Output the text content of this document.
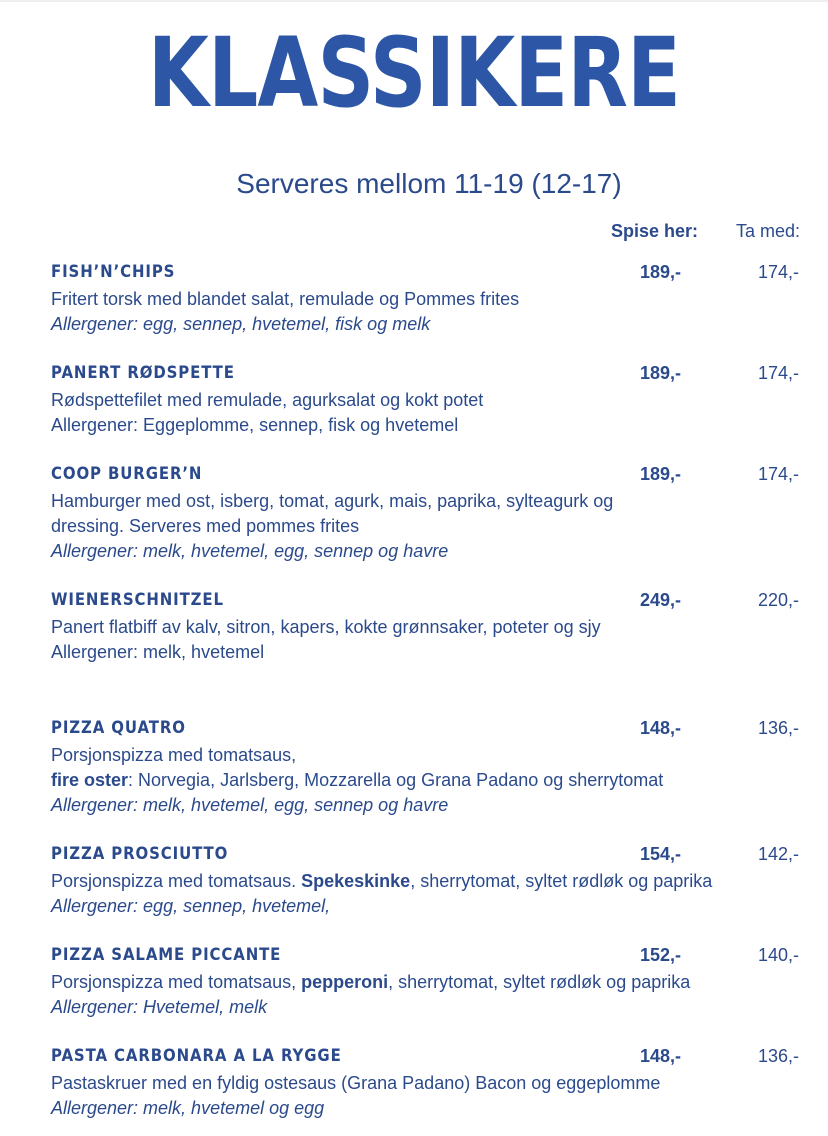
KLASSIKERE
Serveres mellom 11-19 (12-17)
Spise her: Ta med:
FISH’N’CHIPS	189,-	174,-
Fritert torsk med blandet salat, remulade og Pommes frites
Allergener: egg, sennep, hvetemel, fisk og melk
PANERT RØDSPETTE	189,-	174,-
Rødspettefilet med remulade, agurksalat og kokt potet
Allergener: Eggeplomme, sennep, fisk og hvetemel
COOP BURGER’N	189,-	174,-
Hamburger med ost, isberg, tomat, agurk, mais, paprika, sylteagurk og
dressing. Serveres med pommes frites
Allergener: melk, hvetemel, egg, sennep og havre
WIENERSCHNITZEL	249,-	220,-
Panert flatbiff av kalv, sitron, kapers, kokte grønnsaker, poteter og sjy
Allergener: melk, hvetemel
PIZZA QUATRO	148,-	136,-
Porsjonspizza med tomatsaus,
fire oster: Norvegia, Jarlsberg, Mozzarella og Grana Padano og sherrytomat
Allergener: melk, hvetemel, egg, sennep og havre
PIZZA PROSCIUTTO	154,-	142,-
Porsjonspizza med tomatsaus. Spekeskinke, sherrytomat, syltet rødløk og paprika
Allergener: egg, sennep, hvetemel,
PIZZA SALAME PICCANTE	152,-	140,-
Porsjonspizza med tomatsaus, pepperoni, sherrytomat, syltet rødløk og paprika
Allergener: Hvetemel, melk
PASTA CARBONARA A LA RYGGE	148,-	136,-
Pastaskruer med en fyldig ostesaus (Grana Padano) Bacon og eggeplomme
Allergener: melk, hvetemel og egg
